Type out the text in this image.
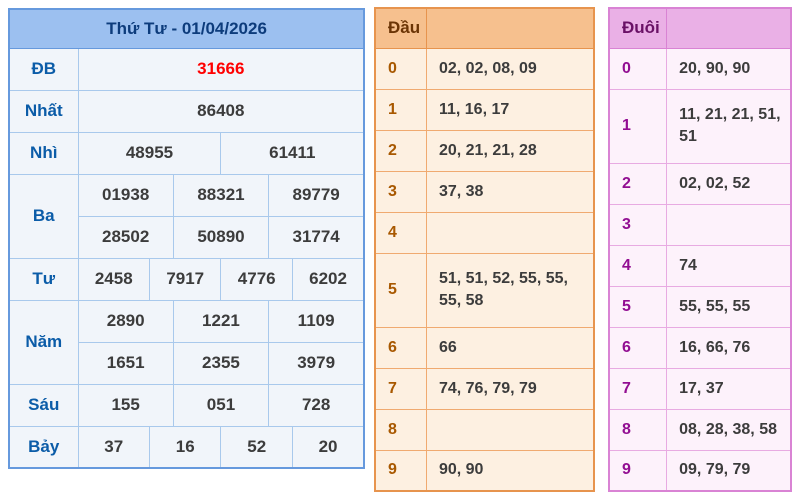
Thứ Tư - 01/04/2026						
ĐB	31666					
Nhất	86408					
Nhì	48955			61411		
Ba	01938		88321		89779	
	28502		50890		31774	
Tư	2458	7917		4776		6202
Năm	2890		1221		1109	
	1651		2355		3979	
Sáu	155		051		728	
Bảy	37	16		52		20
Đầu	
0	02, 02, 08, 09
1	11, 16, 17
2	20, 21, 21, 28
3	37, 38
4	
5	51, 51, 52, 55, 55, 55, 58
6	66
7	74, 76, 79, 79
8	
9	90, 90
Đuôi	
0	20, 90, 90
1	11, 21, 21, 51, 51
2	02, 02, 52
3	
4	74
5	55, 55, 55
6	16, 66, 76
7	17, 37
8	08, 28, 38, 58
9	09, 79, 79
